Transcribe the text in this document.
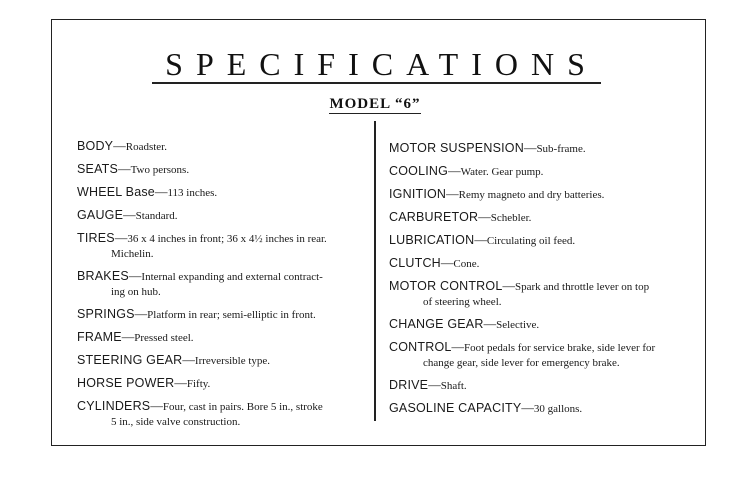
SPECIFICATIONS
MODEL “6”
BODY—Roadster.
SEATS—Two persons.
WHEEL Base—113 inches.
GAUGE—Standard.
TIRES—36 x 4 inches in front; 36 x 4½ inches in rear.
Michelin.
BRAKES—Internal expanding and external contract-
ing on hub.
SPRINGS—Platform in rear; semi-elliptic in front.
FRAME—Pressed steel.
STEERING GEAR—Irreversible type.
HORSE POWER—Fifty.
CYLINDERS—Four, cast in pairs. Bore 5 in., stroke
5 in., side valve construction.
MOTOR SUSPENSION—Sub-frame.
COOLING—Water. Gear pump.
IGNITION—Remy magneto and dry batteries.
CARBURETOR—Schebler.
LUBRICATION—Circulating oil feed.
CLUTCH—Cone.
MOTOR CONTROL—Spark and throttle lever on top
of steering wheel.
CHANGE GEAR—Selective.
CONTROL—Foot pedals for service brake, side lever for
change gear, side lever for emergency brake.
DRIVE—Shaft.
GASOLINE CAPACITY—30 gallons.
